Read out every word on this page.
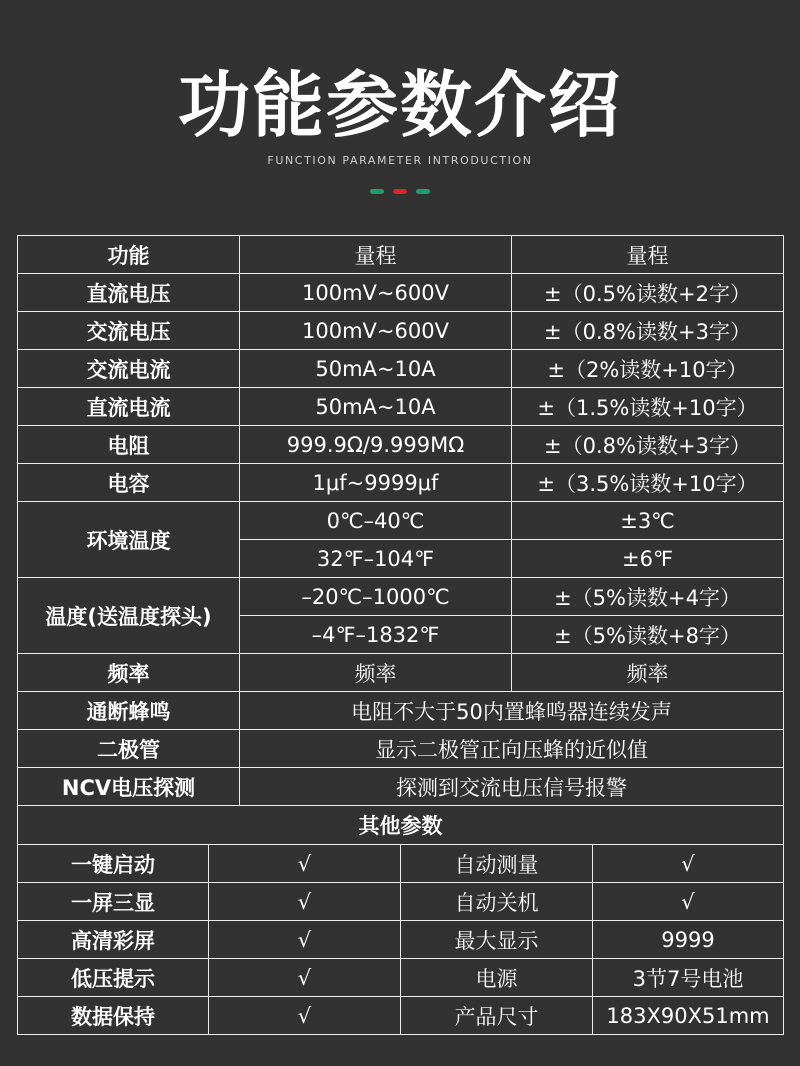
功能参数介绍
FUNCTION PARAMETER INTRODUCTION
功能	量程	量程
直流电压	100mV~600V	±（0.5%读数+2字）
交流电压	100mV~600V	±（0.8%读数+3字）
交流电流	50mA~10A	±（2%读数+10字）
直流电流	50mA~10A	±（1.5%读数+10字）
电阻	999.9Ω/9.999MΩ	±（0.8%读数+3字）
电容	1μf~9999μf	±（3.5%读数+10字）
环境温度	0℃–40℃	±3℃
	32℉–104℉	±6℉
温度(送温度探头)	–20℃–1000℃	±（5%读数+4字）
	–4℉–1832℉	±（5%读数+8字）
频率	频率	频率
通断蜂鸣	电阻不大于50内置蜂鸣器连续发声	
二极管	显示二极管正向压蜂的近似值	
NCV电压探测	探测到交流电压信号报警	
其他参数		
一键启动	√	自动测量	√
一屏三显	√	自动关机	√
高清彩屏	√	最大显示	9999
低压提示	√	电源	3节7号电池
数据保持	√	产品尺寸	183X90X51mm
